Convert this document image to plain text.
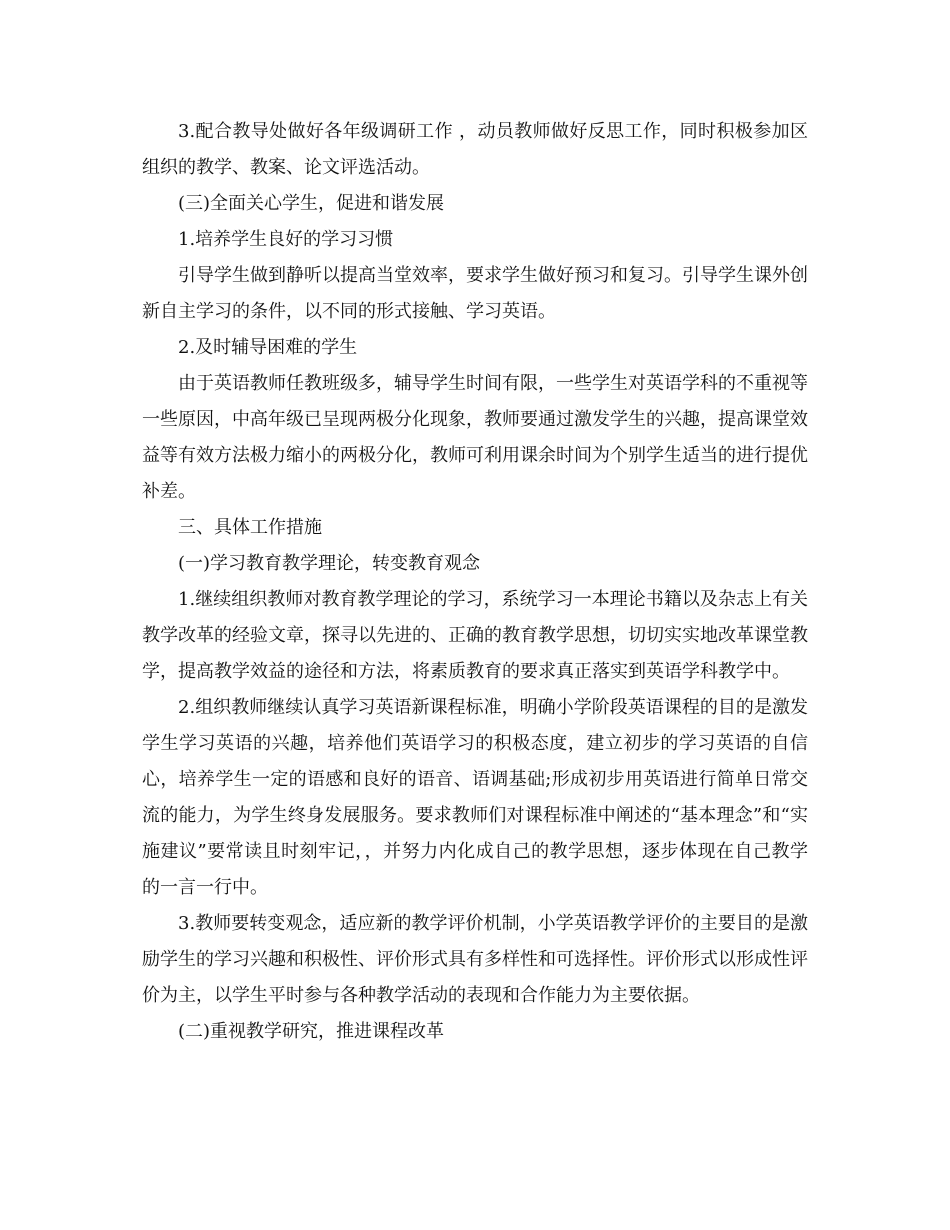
3.配合教导处做好各年级调研工作 ，动员教师做好反思工作，同时积极参加区组织的教学、教案、论文评选活动。

(三)全面关心学生，促进和谐发展

1.培养学生良好的学习习惯

引导学生做到静听以提高当堂效率，要求学生做好预习和复习。引导学生课外创新自主学习的条件，以不同的形式接触、学习英语。

2.及时辅导困难的学生

由于英语教师任教班级多，辅导学生时间有限，一些学生对英语学科的不重视等一些原因，中高年级已呈现两极分化现象，教师要通过激发学生的兴趣，提高课堂效益等有效方法极力缩小的两极分化，教师可利用课余时间为个别学生适当的进行提优补差。

三、具体工作措施

(一)学习教育教学理论，转变教育观念

1.继续组织教师对教育教学理论的学习，系统学习一本理论书籍以及杂志上有关教学改革的经验文章，探寻以先进的、正确的教育教学思想，切切实实地改革课堂教学，提高教学效益的途径和方法，将素质教育的要求真正落实到英语学科教学中。

2.组织教师继续认真学习英语新课程标准，明确小学阶段英语课程的目的是激发学生学习英语的兴趣，培养他们英语学习的积极态度，建立初步的学习英语的自信心，培养学生一定的语感和良好的语音、语调基础;形成初步用英语进行简单日常交流的能力，为学生终身发展服务。要求教师们对课程标准中阐述的“基本理念”和“实施建议”要常读且时刻牢记，，并努力内化成自己的教学思想，逐步体现在自己教学的一言一行中。

3.教师要转变观念，适应新的教学评价机制，小学英语教学评价的主要目的是激励学生的学习兴趣和积极性、评价形式具有多样性和可选择性。评价形式以形成性评价为主，以学生平时参与各种教学活动的表现和合作能力为主要依据。

(二)重视教学研究，推进课程改革
